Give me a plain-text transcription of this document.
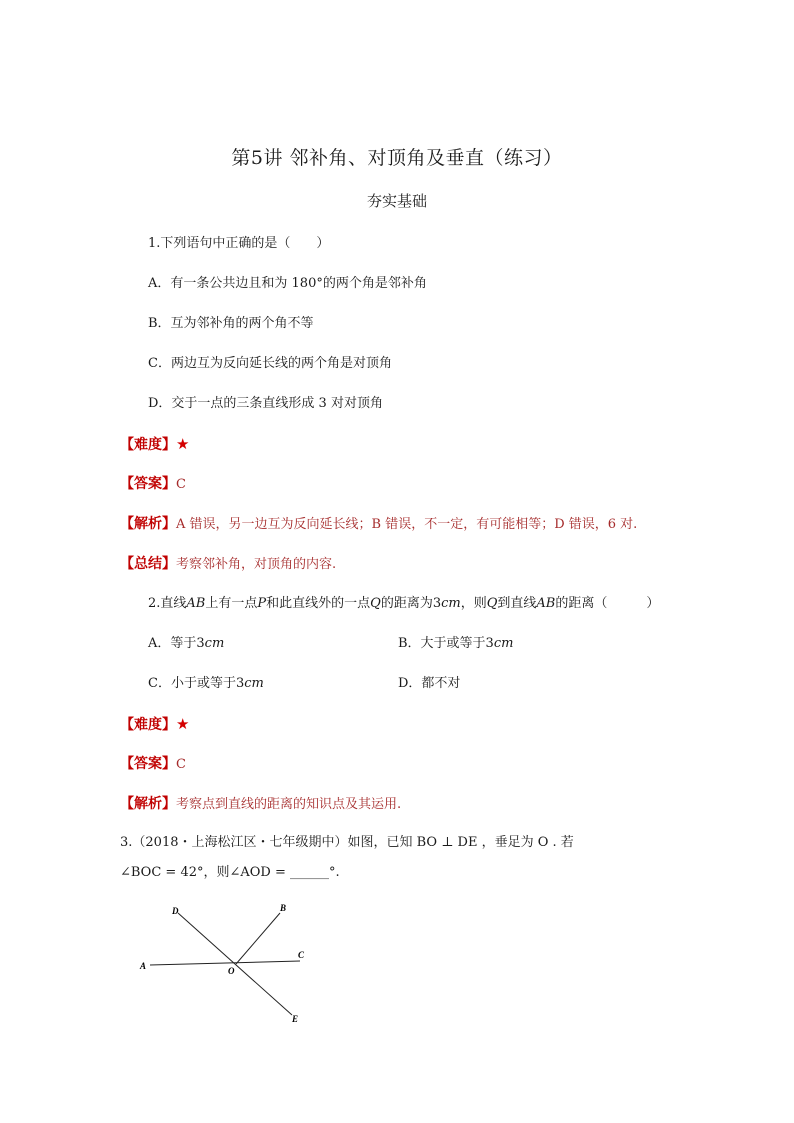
第5讲 邻补角、对顶角及垂直（练习）
夯实基础
1.下列语句中正确的是（　　）
A．有一条公共边且和为 180°的两个角是邻补角
B．互为邻补角的两个角不等
C．两边互为反向延长线的两个角是对顶角
D．交于一点的三条直线形成 3 对对顶角
【难度】★
【答案】C
【解析】A 错误，另一边互为反向延长线；B 错误，不一定，有可能相等；D 错误，6 对.
【总结】考察邻补角，对顶角的内容.
2.直线AB上有一点P和此直线外的一点Q的距离为3cm，则Q到直线AB的距离（　　　）
A．等于3cm	B．大于或等于3cm
C．小于或等于3cm	D．都不对
【难度】★
【答案】C
【解析】考察点到直线的距离的知识点及其运用.
3.（2018・上海松江区・七年级期中）如图，已知 BO ⊥ DE ，垂足为 O . 若
∠BOC = 42°，则∠AOD = ______°.
D	B
C
A	O
E
